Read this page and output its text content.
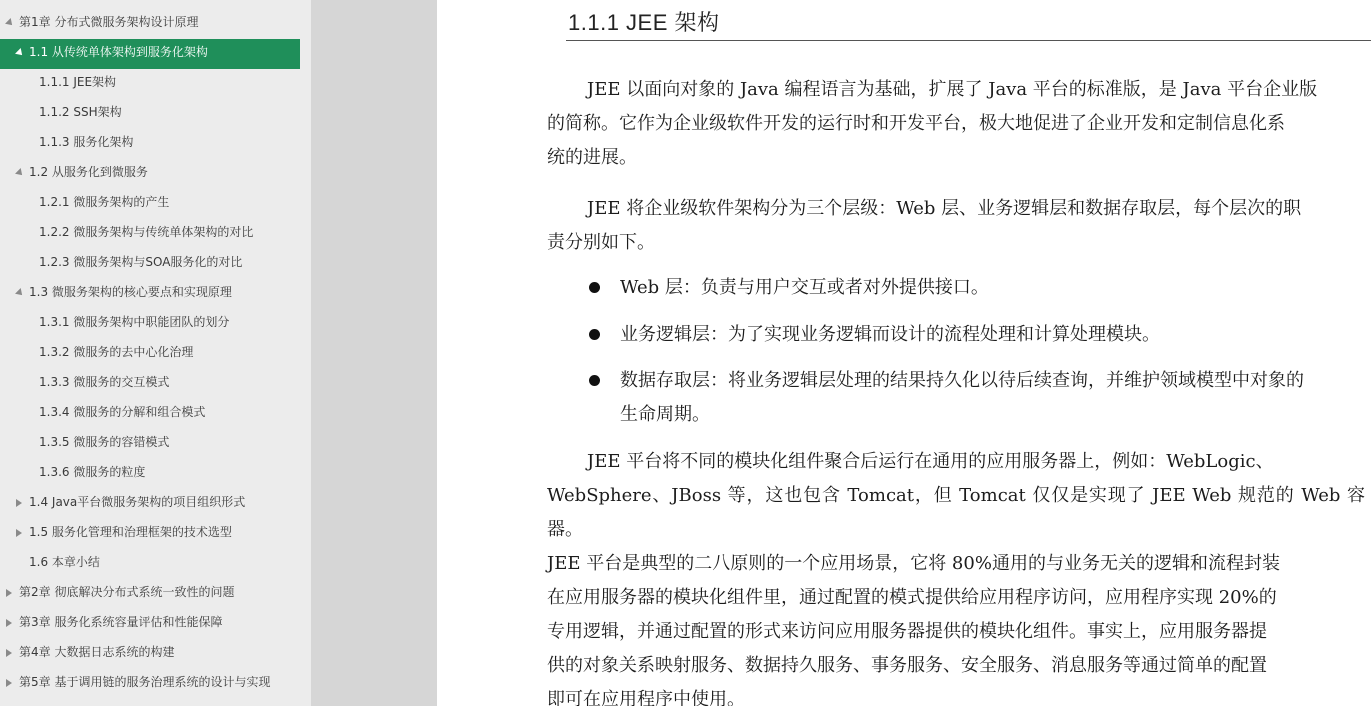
第1章 分布式微服务架构设计原理
1.1 从传统单体架构到服务化架构
1.1.1 JEE架构
1.1.2 SSH架构
1.1.3 服务化架构
1.2 从服务化到微服务
1.2.1 微服务架构的产生
1.2.2 微服务架构与传统单体架构的对比
1.2.3 微服务架构与SOA服务化的对比
1.3 微服务架构的核心要点和实现原理
1.3.1 微服务架构中职能团队的划分
1.3.2 微服务的去中心化治理
1.3.3 微服务的交互模式
1.3.4 微服务的分解和组合模式
1.3.5 微服务的容错模式
1.3.6 微服务的粒度
1.4 Java平台微服务架构的项目组织形式
1.5 服务化管理和治理框架的技术选型
1.6 本章小结
第2章 彻底解决分布式系统一致性的问题
第3章 服务化系统容量评估和性能保障
第4章 大数据日志系统的构建
第5章 基于调用链的服务治理系统的设计与实现
1.1.1 JEE 架构
JEE 以面向对象的 Java 编程语言为基础，扩展了 Java 平台的标准版，是 Java 平台企业版
的简称。它作为企业级软件开发的运行时和开发平台，极大地促进了企业开发和定制信息化系
统的进展。
JEE 将企业级软件架构分为三个层级：Web 层、业务逻辑层和数据存取层，每个层次的职
责分别如下。
Web 层：负责与用户交互或者对外提供接口。
业务逻辑层：为了实现业务逻辑而设计的流程处理和计算处理模块。
数据存取层：将业务逻辑层处理的结果持久化以待后续查询，并维护领域模型中对象的
生命周期。
JEE 平台将不同的模块化组件聚合后运行在通用的应用服务器上，例如：WebLogic、
WebSphere、JBoss 等，这也包含 Tomcat，但 Tomcat 仅仅是实现了 JEE Web 规范的 Web 容器。
JEE 平台是典型的二八原则的一个应用场景，它将 80%通用的与业务无关的逻辑和流程封装
在应用服务器的模块化组件里，通过配置的模式提供给应用程序访问，应用程序实现 20%的
专用逻辑，并通过配置的形式来访问应用服务器提供的模块化组件。事实上，应用服务器提
供的对象关系映射服务、数据持久服务、事务服务、安全服务、消息服务等通过简单的配置
即可在应用程序中使用。
